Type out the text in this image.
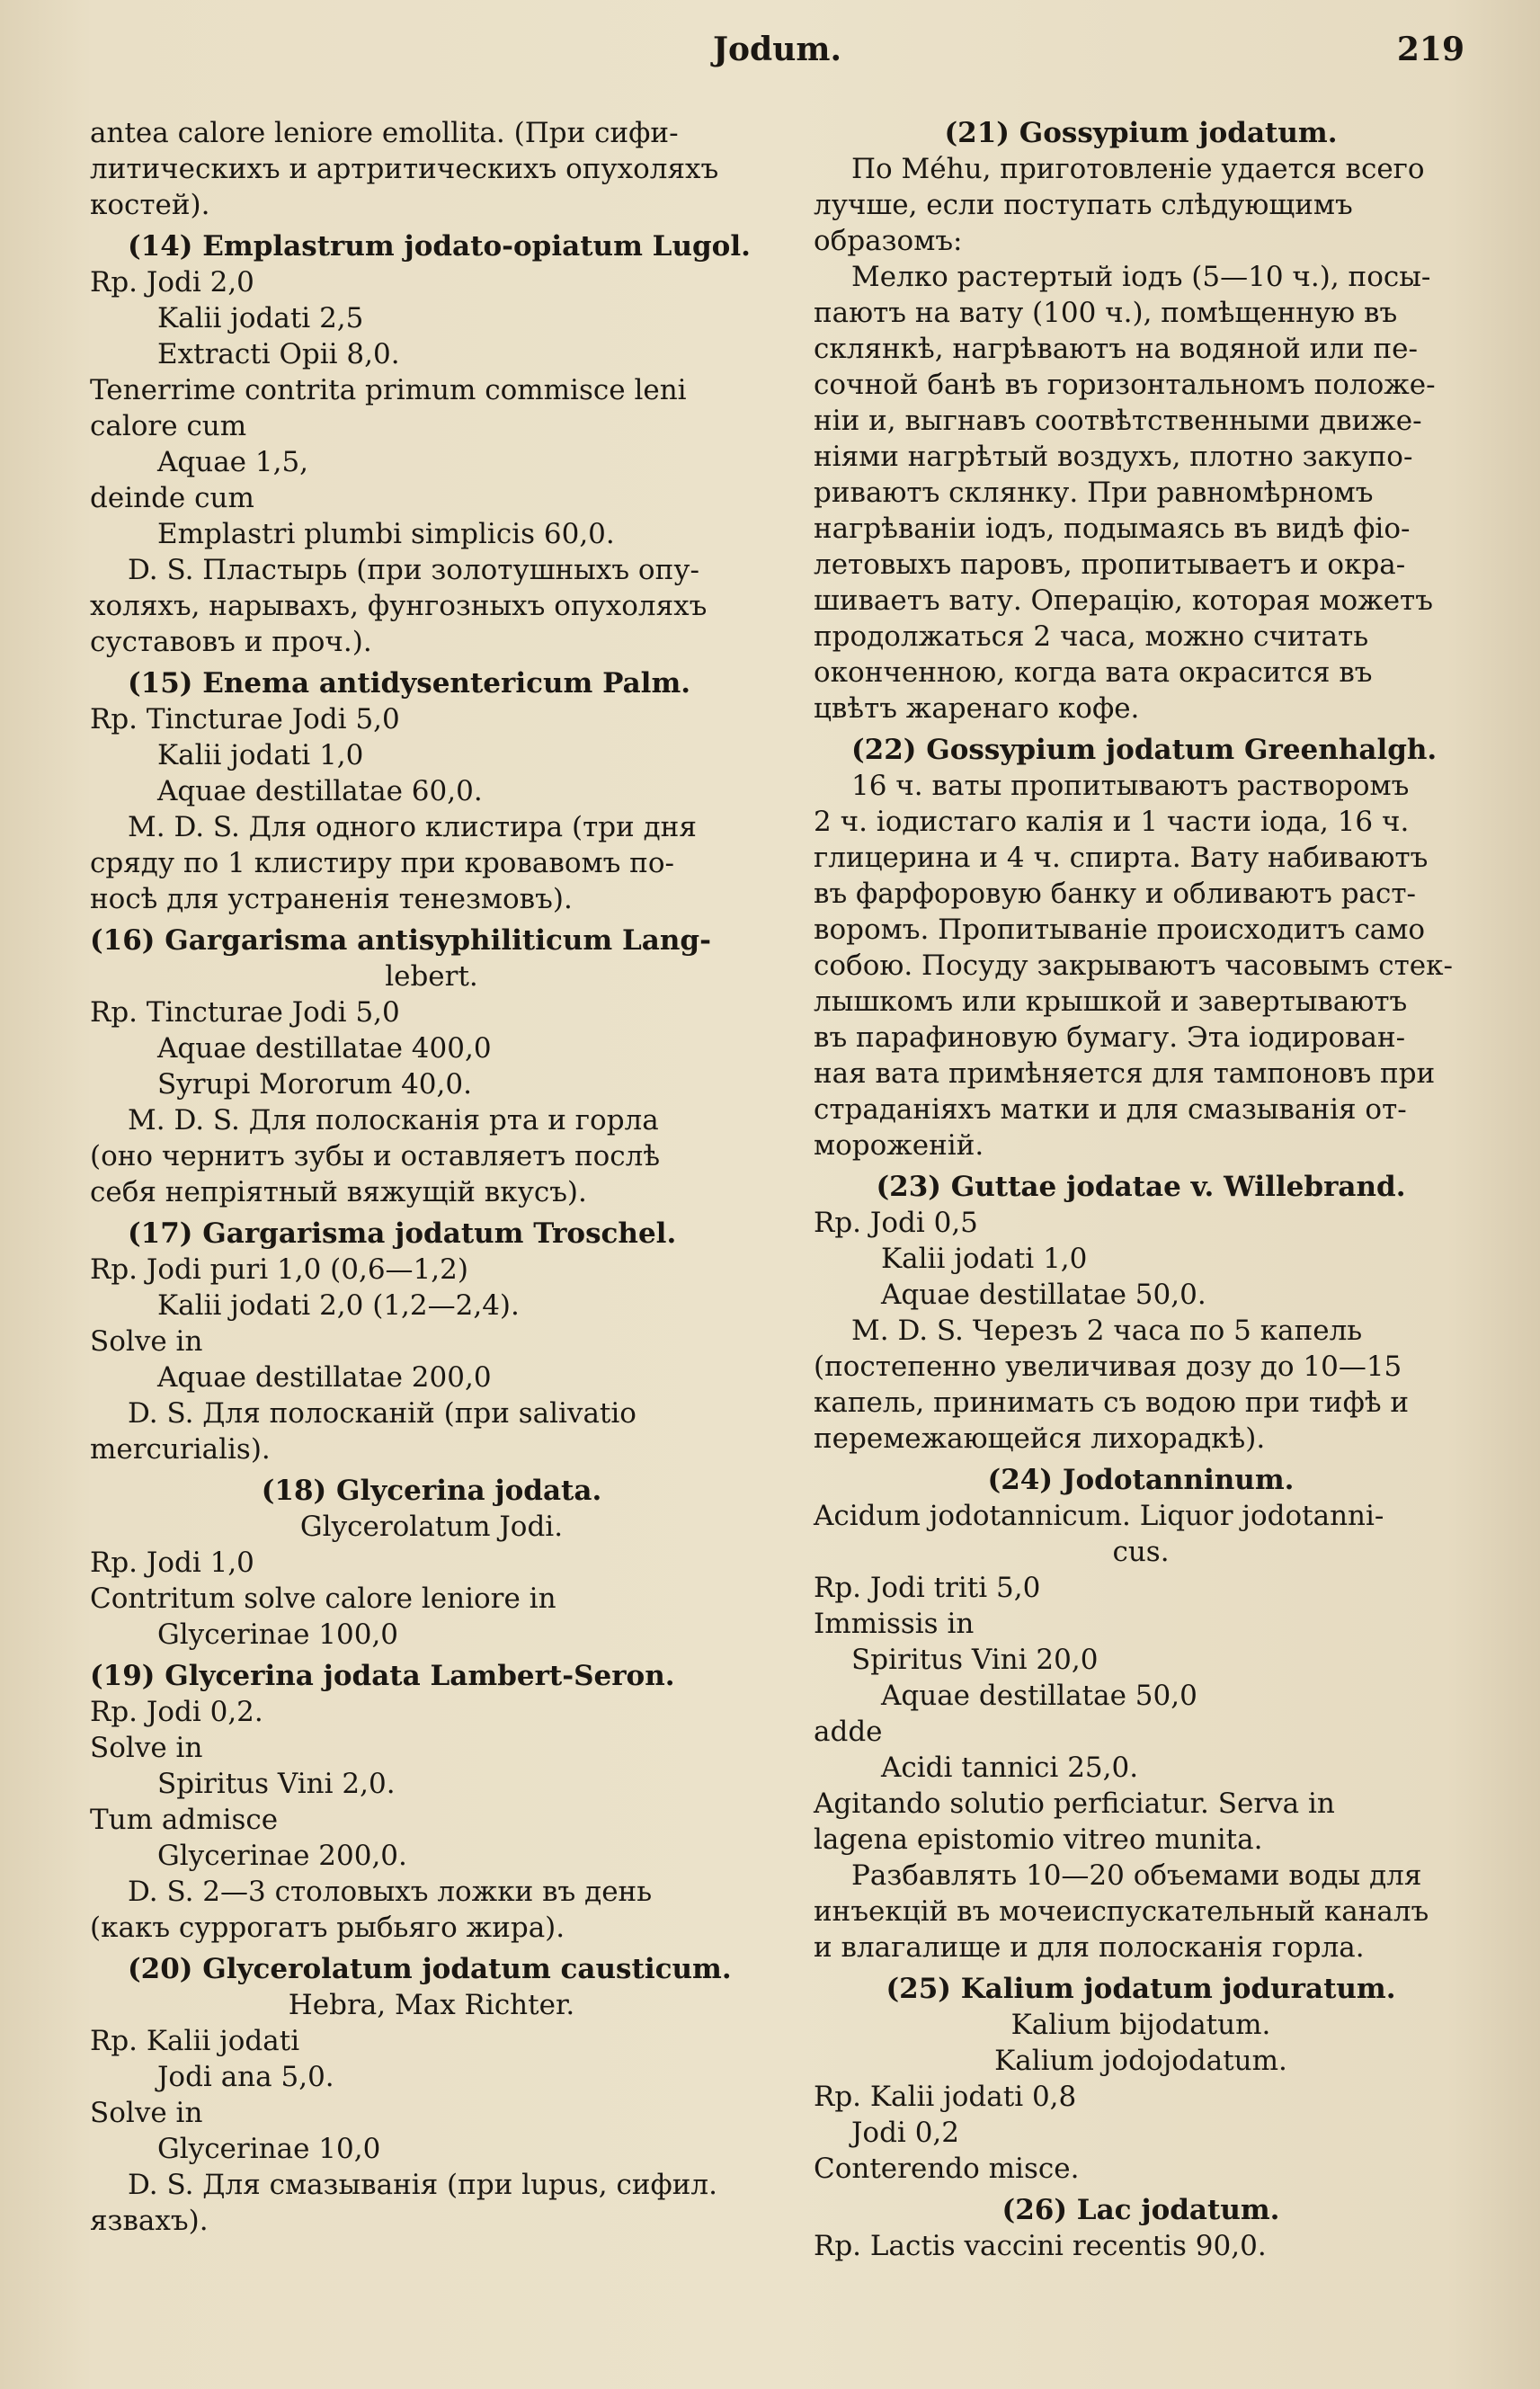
Jodum.	219
antea calore leniore emollita. (При сифи-
литическихъ и артритическихъ опухоляхъ
костей).
(14) Emplastrum jodato-opiatum Lugol.
Rp. Jodi 2,0
Kalii jodati 2,5
Extracti Opii 8,0.
Tenerrime contrita primum commisce leni
calore cum
Aquae 1,5,
deinde cum
Emplastri plumbi simplicis 60,0.
D. S. Пластырь (при золотушныхъ опу-
холяхъ, нарывахъ, фунгозныхъ опухоляхъ
суставовъ и проч.).
(15) Enema antidysentericum Palm.
Rp. Tincturae Jodi 5,0
Kalii jodati 1,0
Aquae destillatae 60,0.
M. D. S. Для одного клистира (три дня
сряду по 1 клистиру при кровавомъ по-
носѣ для устраненія тенезмовъ).
(16) Gargarisma antisyphiliticum Lang-
lebert.
Rp. Tincturae Jodi 5,0
Aquae destillatae 400,0
Syrupi Mororum 40,0.
M. D. S. Для полосканія рта и горла
(оно чернитъ зубы и оставляетъ послѣ
себя непріятный вяжущій вкусъ).
(17) Gargarisma jodatum Troschel.
Rp. Jodi puri 1,0 (0,6—1,2)
Kalii jodati 2,0 (1,2—2,4).
Solve in
Aquae destillatae 200,0
D. S. Для полосканій (при salivatio
mercurialis).
(18) Glycerina jodata.
Glycerolatum Jodi.
Rp. Jodi 1,0
Contritum solve calore leniore in
Glycerinae 100,0
(19) Glycerina jodata Lambert-Seron.
Rp. Jodi 0,2.
Solve in
Spiritus Vini 2,0.
Tum admisce
Glycerinae 200,0.
D. S. 2—3 столовыхъ ложки въ день
(какъ суррогатъ рыбьяго жира).
(20) Glycerolatum jodatum causticum.
Hebra, Max Richter.
Rp. Kalii jodati
Jodi ana 5,0.
Solve in
Glycerinae 10,0
D. S. Для смазыванія (при lupus, сифил.
язвахъ).
(21) Gossypium jodatum.
По Méhu, приготовленіе удается всего
лучше, если поступать слѣдующимъ
образомъ:
Мелко растертый іодъ (5—10 ч.), посы-
паютъ на вату (100 ч.), помѣщенную въ
склянкѣ, нагрѣваютъ на водяной или пе-
сочной банѣ въ горизонтальномъ положе-
ніи и, выгнавъ соотвѣтственными движе-
ніями нагрѣтый воздухъ, плотно закупо-
риваютъ склянку. При равномѣрномъ
нагрѣваніи іодъ, подымаясь въ видѣ фіо-
летовыхъ паровъ, пропитываетъ и окра-
шиваетъ вату. Операцію, которая можетъ
продолжаться 2 часа, можно считать
оконченною, когда вата окрасится въ
цвѣтъ жаренаго кофе.
(22) Gossypium jodatum Greenhalgh.
16 ч. ваты пропитываютъ растворомъ
2 ч. іодистаго калія и 1 части іода, 16 ч.
глицерина и 4 ч. спирта. Вату набиваютъ
въ фарфоровую банку и обливаютъ раст-
воромъ. Пропитываніе происходитъ само
собою. Посуду закрываютъ часовымъ стек-
лышкомъ или крышкой и завертываютъ
въ парафиновую бумагу. Эта іодирован-
ная вата примѣняется для тампоновъ при
страданіяхъ матки и для смазыванія от-
мороженій.
(23) Guttae jodatae v. Willebrand.
Rp. Jodi 0,5
Kalii jodati 1,0
Aquae destillatae 50,0.
M. D. S. Черезъ 2 часа по 5 капель
(постепенно увеличивая дозу до 10—15
капель, принимать съ водою при тифѣ и
перемежающейся лихорадкѣ).
(24) Jodotanninum.
Acidum jodotannicum. Liquor jodotanni-
cus.
Rp. Jodi triti 5,0
Immissis in
Spiritus Vini 20,0
Aquae destillatae 50,0
adde
Acidi tannici 25,0.
Agitando solutio perficiatur. Serva in
lagena epistomio vitreo munita.
Разбавлять 10—20 объемами воды для
инъекцій въ мочеиспускательный каналъ
и влагалище и для полосканія горла.
(25) Kalium jodatum joduratum.
Kalium bijodatum.
Kalium jodojodatum.
Rp. Kalii jodati 0,8
Jodi 0,2
Conterendo misce.
(26) Lac jodatum.
Rp. Lactis vaccini recentis 90,0.
